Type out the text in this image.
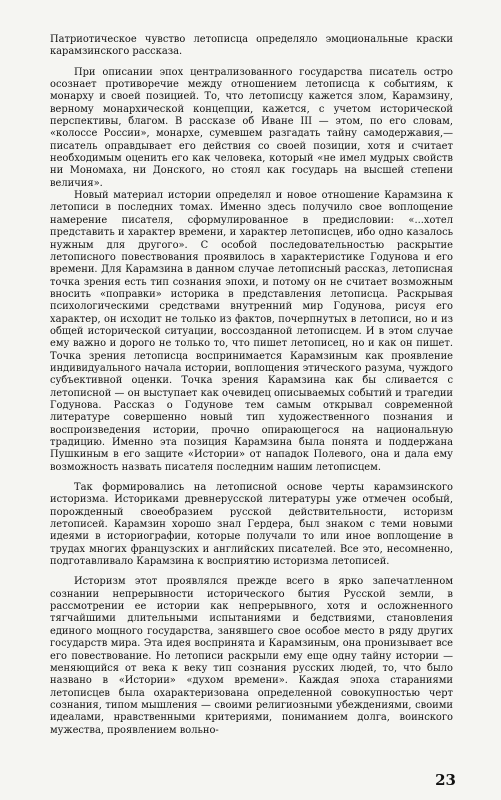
Патриотическое чувство летописца определяло эмоциональные краски карамзинского рассказа.

При описании эпох централизованного государства писатель остро осознает противоречие между отношением летописца к событиям, к монарху и своей позицией. То, что летописцу кажется злом, Карамзину, верному монархической концепции, кажется, с учетом исторической перспективы, благом. В рассказе об Иване III — этом, по его словам, «колоссе России», монархе, сумевшем разгадать тайну самодержавия,— писатель оправдывает его действия со своей позиции, хотя и считает необходимым оценить его как человека, который «не имел мудрых свойств ни Мономаха, ни Донского, но стоял как государь на высшей степени величия».

Новый материал истории определял и новое отношение Карамзина к летописи в последних томах. Именно здесь получило свое воплощение намерение писателя, сформулированное в предисловии: «...хотел представить и характер времени, и характер летописцев, ибо одно казалось нужным для другого». С особой последовательностью раскрытие летописного повествования проявилось в характеристике Годунова и его времени. Для Карамзина в данном случае летописный рассказ, летописная точка зрения есть тип сознания эпохи, и потому он не считает возможным вносить «поправки» историка в представления летописца. Раскрывая психологическими средствами внутренний мир Годунова, рисуя его характер, он исходит не только из фактов, почерпнутых в летописи, но и из общей исторической ситуации, воссозданной летописцем. И в этом случае ему важно и дорого не только то, что пишет летописец, но и как он пишет. Точка зрения летописца воспринимается Карамзиным как проявление индивидуального начала истории, воплощения этического разума, чуждого субъективной оценки. Точка зрения Карамзина как бы сливается с летописной — он выступает как очевидец описываемых событий и трагедии Годунова. Рассказ о Годунове тем самым открывал современной литературе совершенно новый тип художественного познания и воспроизведения истории, прочно опирающегося на национальную традицию. Именно эта позиция Карамзина была понята и поддержана Пушкиным в его защите «Истории» от нападок Полевого, она и дала ему возможность назвать писателя последним нашим летописцем.

Так формировались на летописной основе черты карамзинского историзма. Историками древнерусской литературы уже отмечен особый, порожденный своеобразием русской действительности, историзм летописей. Карамзин хорошо знал Гердера, был знаком с теми новыми идеями в историографии, которые получали то или иное воплощение в трудах многих французских и английских писателей. Все это, несомненно, подготавливало Карамзина к восприятию историзма летописей.

Историзм этот проявлялся прежде всего в ярко запечатленном сознании непрерывности исторического бытия Русской земли, в рассмотрении ее истории как непрерывного, хотя и осложненного тягчайшими длительными испытаниями и бедствиями, становления единого мощного государства, занявшего свое особое место в ряду других государств мира. Эта идея воспринята и Карамзиным, она пронизывает все его повествование. Но летописи раскрыли ему еще одну тайну истории — меняющийся от века к веку тип сознания русских людей, то, что было названо в «Истории» «духом времени». Каждая эпоха стараниями летописцев была охарактеризована определенной совокупностью черт сознания, типом мышления — своими религиозными убеждениями, своими идеалами, нравственными критериями, пониманием долга, воинского мужества, проявлением вольно-

23
